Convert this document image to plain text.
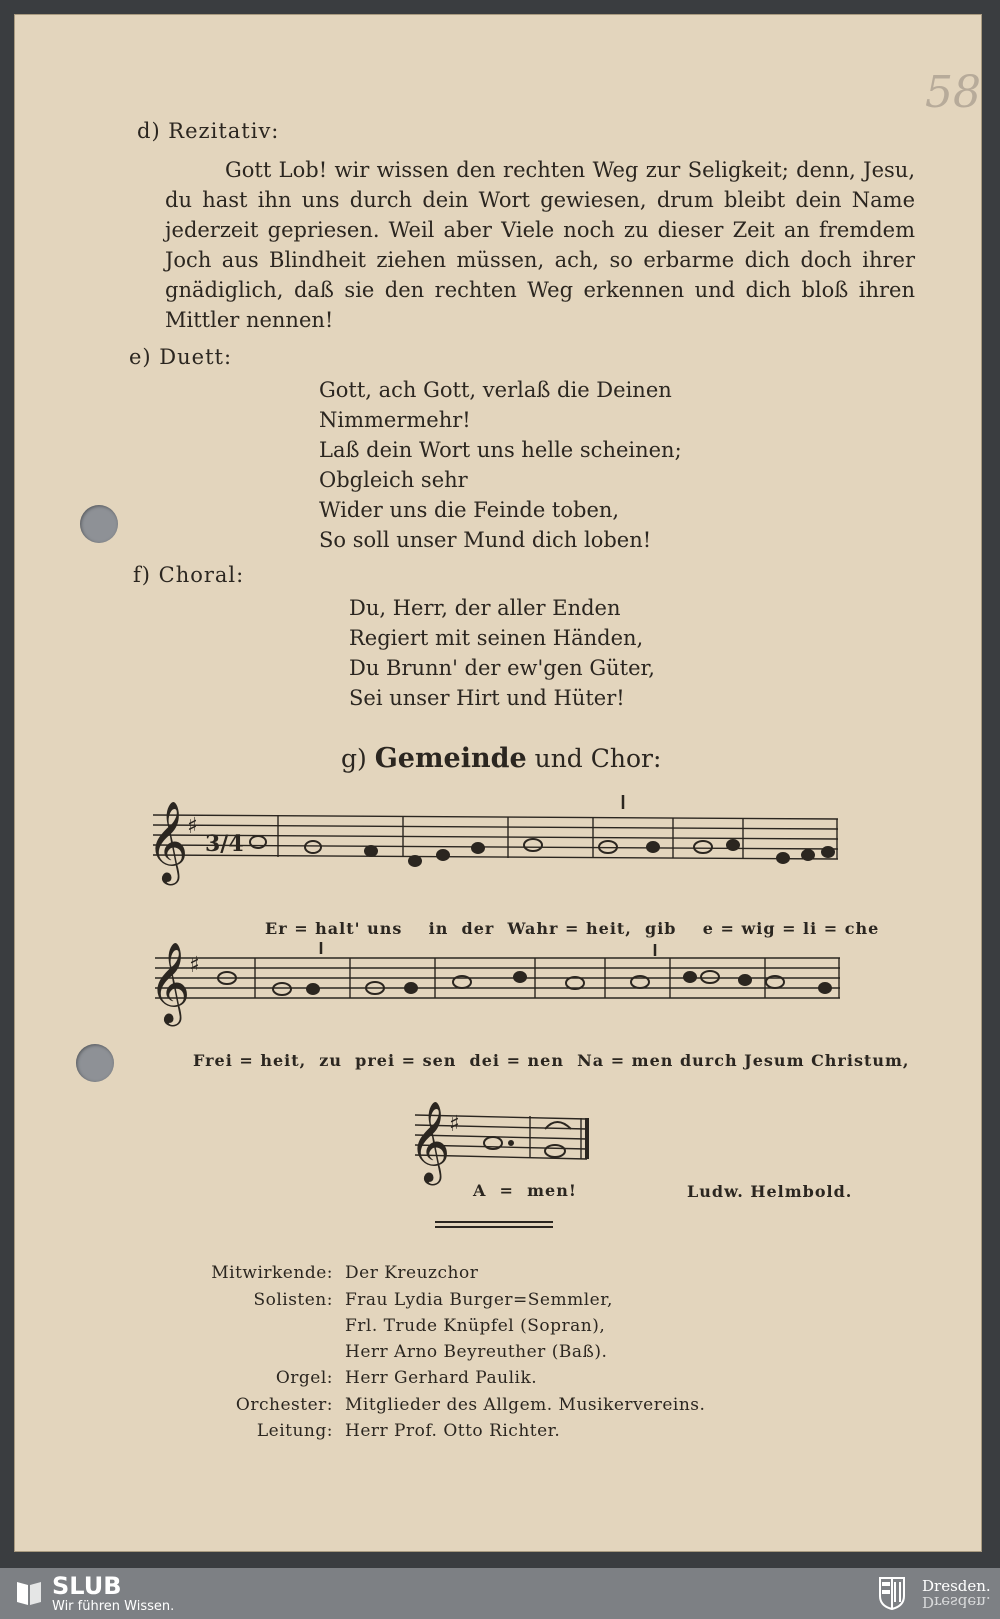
58
d) Rezitativ:

Gott Lob! wir wissen den rechten Weg zur Seligkeit; denn, Jesu, du hast ihn uns durch dein Wort gewiesen, drum bleibt dein Name jederzeit gepriesen. Weil aber Viele noch zu dieser Zeit an fremdem Joch aus Blindheit ziehen müssen, ach, so erbarme dich doch ihrer gnädiglich, daß sie den rechten Weg erkennen und dich bloß ihren Mittler nennen!

e) Duett:
Gott, ach Gott, verlaß die Deinen
Nimmermehr!
Laß dein Wort uns helle scheinen;
Obgleich sehr
Wider uns die Feinde toben,
So soll unser Mund dich loben!
f) Choral:
Du, Herr, der aller Enden
Regiert mit seinen Händen,
Du Brunn' der ew'gen Güter,
Sei unser Hirt und Hüter!
g) Gemeinde und Chor:
𝄞
♯
3/4
Er = halt' uns    in  der  Wahr = heit,  gib    e = wig = li = che
𝄞
♯
Frei = heit,  zu  prei = sen  dei = nen  Na = men durch Jesum Christum,
𝄞
♯
A  =  men!	Ludw. Helmbold.
Mitwirkende: Der Kreuzchor
Solisten: Frau Lydia Burger=Semmler,
Frl. Trude Knüpfel (Sopran),
Herr Arno Beyreuther (Baß).
Orgel: Herr Gerhard Paulik.
Orchester: Mitglieder des Allgem. Musikervereins.
Leitung: Herr Prof. Otto Richter.
SLUB
Wir führen Wissen.
Dresden.
Dresden.
